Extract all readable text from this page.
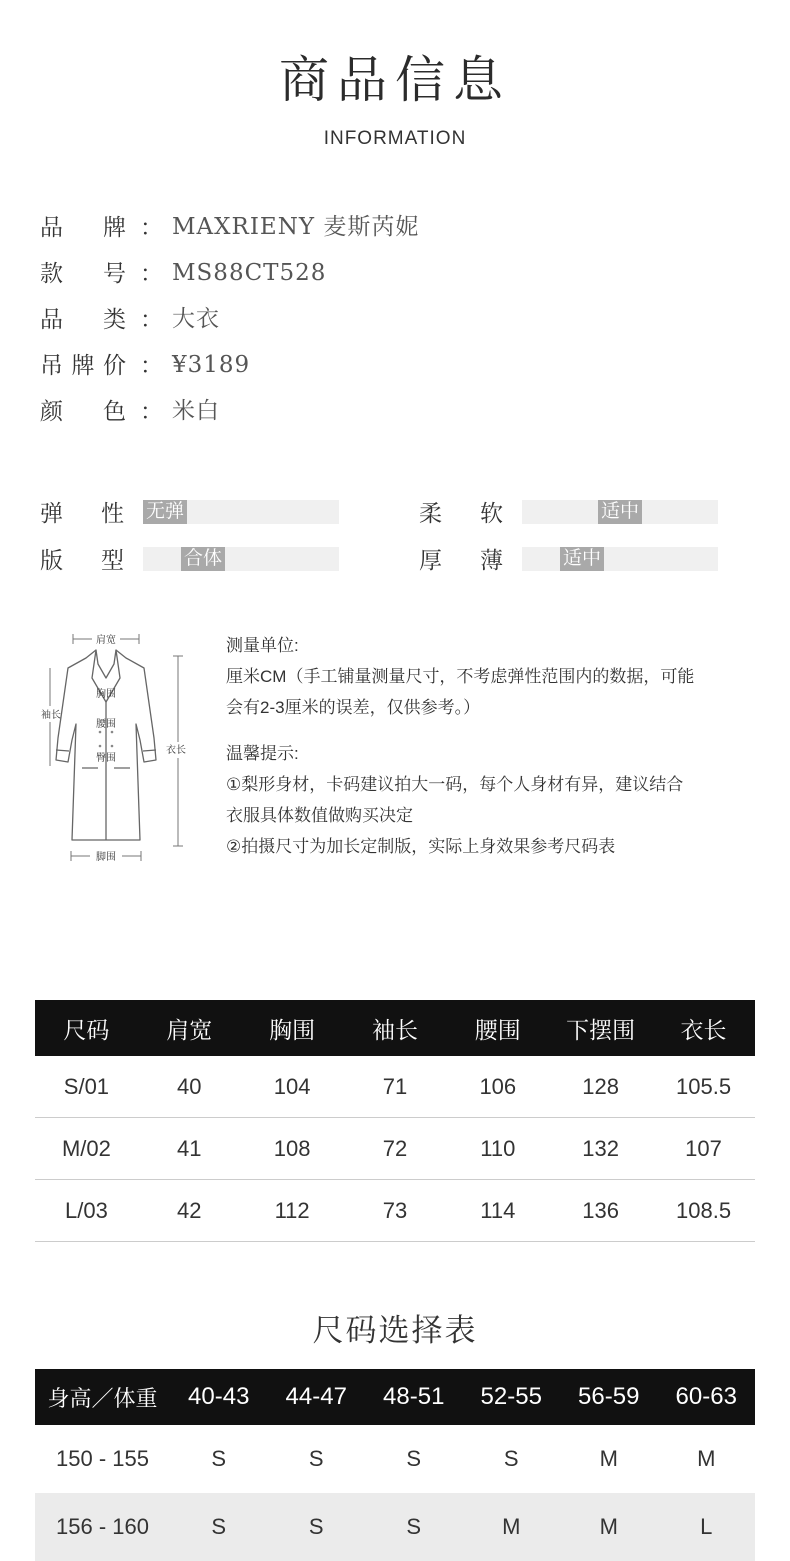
商品信息
INFORMATION
品 牌 ： MAXRIENY 麦斯芮妮
款 号 ： MS88CT528
品 类 ： 大衣
吊 牌 价 ： ¥3189
颜 色 ： 米白
弹 性 无弹	柔 软	适中
版 型	合体	厚 薄	适中
肩宽
胸围
腰围
臀围
衣长
袖长
脚围

测量单位:

厘米CM（手工铺量测量尺寸，不考虑弹性范围内的数据，可能

会有2-3厘米的误差，仅供参考。）

温馨提示:

①梨形身材，卡码建议拍大一码，每个人身材有异，建议结合

衣服具体数值做购买决定

②拍摄尺寸为加长定制版，实际上身效果参考尺码表

尺码	肩宽	胸围	袖长	腰围	下摆围	衣长
S/01	40	104	71	106	128	105.5
M/02	41	108	72	110	132	107
L/03	42	112	73	114	136	108.5
尺码选择表
身高／体重	40-43	44-47	48-51	52-55	56-59	60-63
150 - 155	S	S	S	S	M	M
156 - 160	S	S	S	M	M	L
